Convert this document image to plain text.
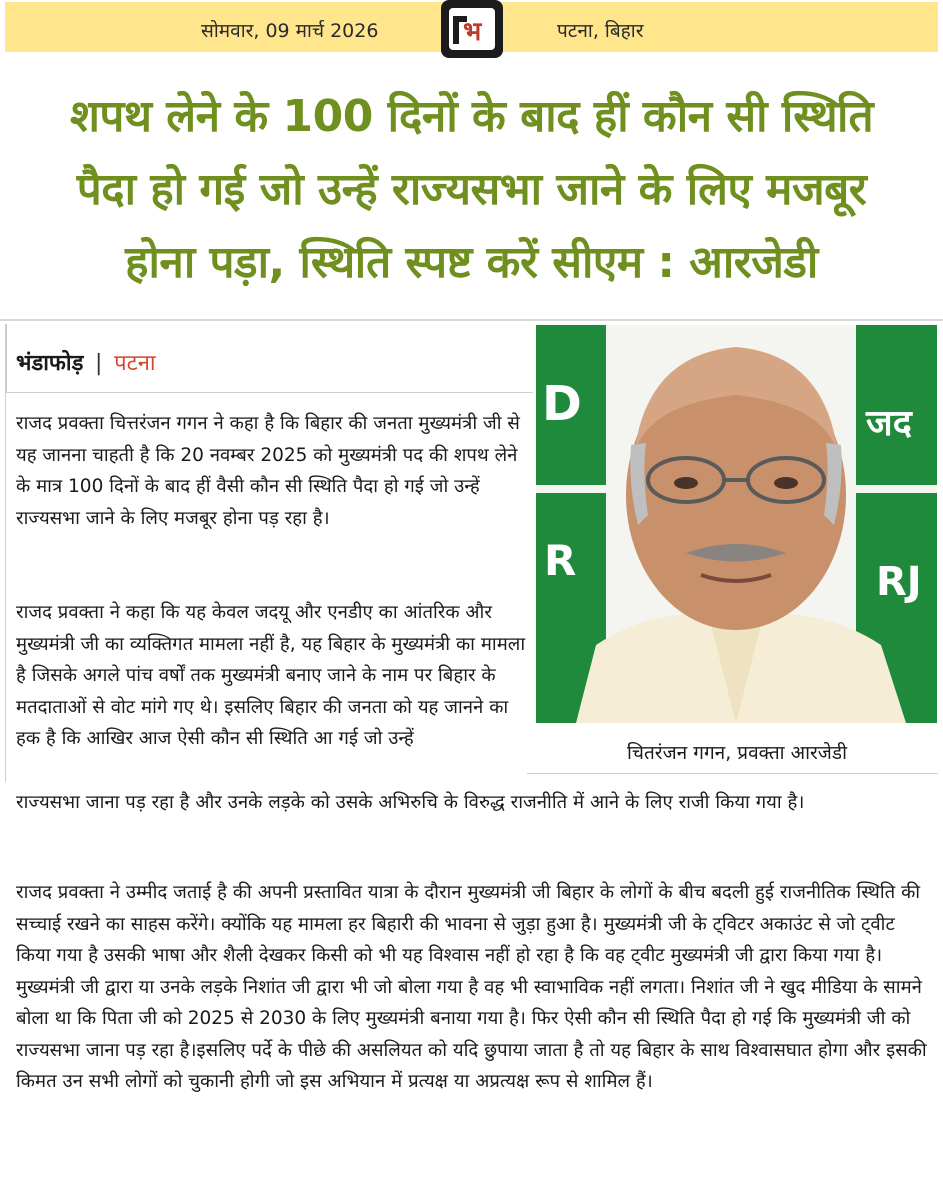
सोमवार, 09 मार्च 2026	पटना, बिहार
भ
शपथ लेने के 100 दिनों के बाद हीं कौन सी स्थिति
पैदा हो गई जो उन्हें राज्यसभा जाने के लिए मजबूर
होना पड़ा, स्थिति स्पष्ट करें सीएम : आरजेडी
भंडाफोड़ | पटना
राजद प्रवक्ता चित्तरंजन गगन ने कहा है कि बिहार की जनता मुख्यमंत्री जी से यह जानना चाहती है कि 20 नवम्बर 2025 को मुख्यमंत्री पद की शपथ लेने के मात्र 100 दिनों के बाद हीं वैसी कौन सी स्थिति पैदा हो गई जो उन्हें राज्यसभा जाने के लिए मजबूर होना पड़ रहा है।
राजद प्रवक्ता ने कहा कि यह केवल जदयू और एनडीए का आंतरिक और मुख्यमंत्री जी का व्यक्तिगत मामला नहीं है, यह बिहार के मुख्यमंत्री का मामला है जिसके अगले पांच वर्षों तक मुख्यमंत्री बनाए जाने के नाम पर बिहार के मतदाताओं से वोट मांगे गए थे। इसलिए बिहार की जनता को यह जानने का हक है कि आखिर आज ऐसी कौन सी स्थिति आ गई जो उन्हें
राज्यसभा जाना पड़ रहा है और उनके लड़के को उसके अभिरुचि के विरुद्ध राजनीति में आने के लिए राजी किया गया है।
राजद प्रवक्ता ने उम्मीद जताई है की अपनी प्रस्तावित यात्रा के दौरान मुख्यमंत्री जी बिहार के लोगों के बीच बदली हुई राजनीतिक स्थिति की सच्चाई रखने का साहस करेंगे। क्योंकि यह मामला हर बिहारी की भावना से जुड़ा हुआ है। मुख्यमंत्री जी के ट्विटर अकाउंट से जो ट्वीट किया गया है उसकी भाषा और शैली देखकर किसी को भी यह विश्वास नहीं हो रहा है कि वह ट्वीट मुख्यमंत्री जी द्वारा किया गया है। मुख्यमंत्री जी द्वारा या उनके लड़के निशांत जी द्वारा भी जो बोला गया है वह भी स्वाभाविक नहीं लगता। निशांत जी ने खुद मीडिया के सामने बोला था कि पिता जी को 2025 से 2030 के लिए मुख्यमंत्री बनाया गया है। फिर ऐसी कौन सी स्थिति पैदा हो गई कि मुख्यमंत्री जी को राज्यसभा जाना पड़ रहा है।इसलिए पर्दे के पीछे की असलियत को यदि छुपाया जाता है तो यह बिहार के साथ विश्वासघात होगा और इसकी किमत उन सभी लोगों को चुकानी होगी जो इस अभियान में प्रत्यक्ष या अप्रत्यक्ष रूप से शामिल हैं।
D
R	RJ
जद
चितरंजन गगन, प्रवक्ता आरजेडी
